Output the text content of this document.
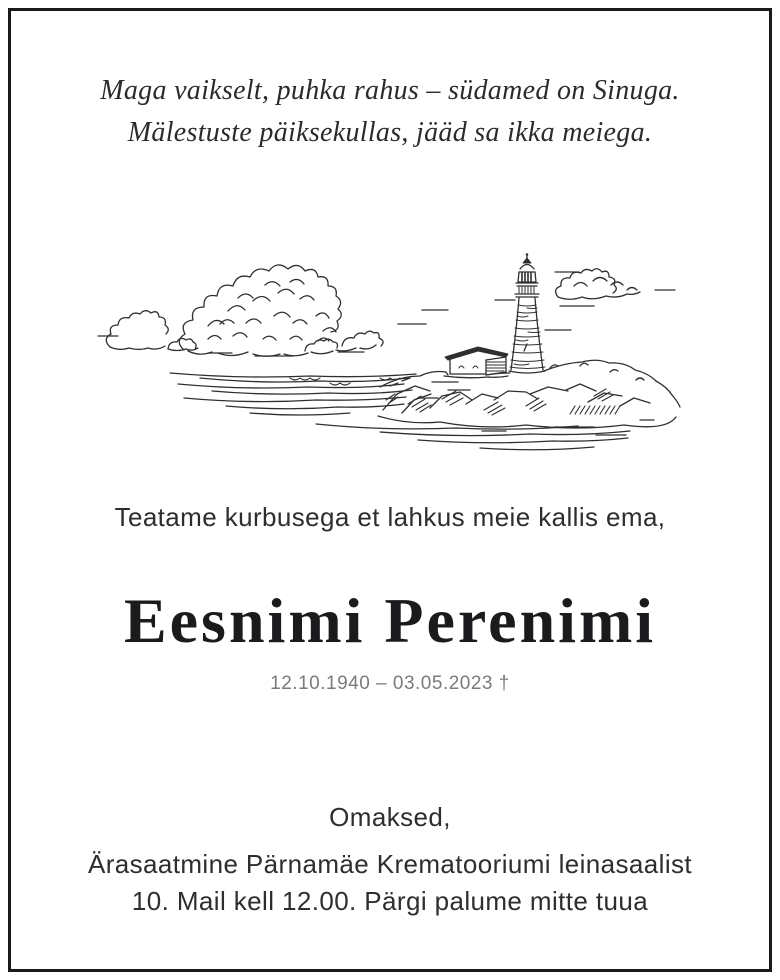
Maga vaikselt, puhka rahus – südamed on Sinuga.
Mälestuste päiksekullas, jääd sa ikka meiega.
Teatame kurbusega et lahkus meie kallis ema,
Eesnimi Perenimi
12.10.1940 – 03.05.2023 †
Omaksed,
Ärasaatmine Pärnamäe Krematooriumi leinasaalist
10. Mail kell 12.00. Pärgi palume mitte tuua
